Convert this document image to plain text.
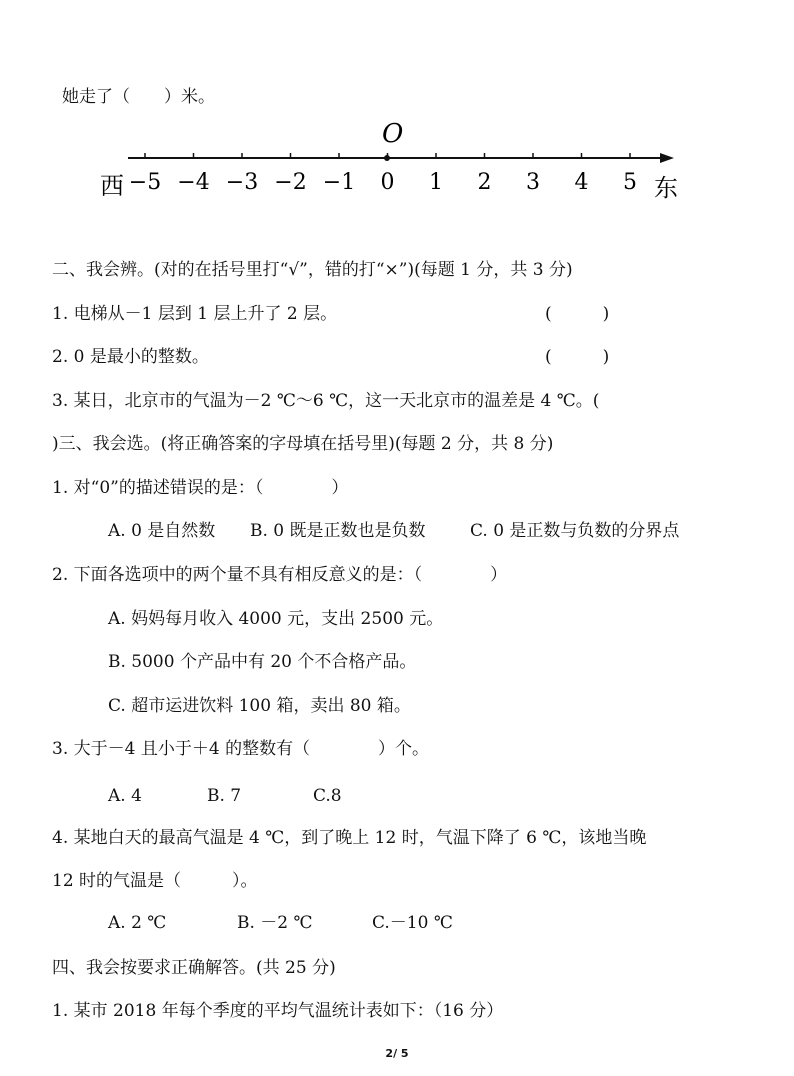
她走了（　　）米。
O
−5 −4 −3 −2 −1 0 1 2 3 4 5
西	东
二、我会辨。(对的在括号里打“√”，错的打“×”)(每题 1 分，共 3 分)
1. 电梯从－1 层到 1 层上升了 2 层。	(　　　)
2. 0 是最小的整数。	(　　　)
3. 某日，北京市的气温为－2 ℃～6 ℃，这一天北京市的温差是 4 ℃。(
)三、我会选。(将正确答案的字母填在括号里)(每题 2 分，共 8 分)
1. 对“0”的描述错误的是：（　　　　）
A. 0 是自然数 B. 0 既是正数也是负数	C. 0 是正数与负数的分界点
2. 下面各选项中的两个量不具有相反意义的是：（　　　　）
A. 妈妈每月收入 4000 元，支出 2500 元。
B. 5000 个产品中有 20 个不合格产品。
C. 超市运进饮料 100 箱，卖出 80 箱。
3. 大于－4 且小于＋4 的整数有（　　　　）个。
A. 4	B. 7	C.8
4. 某地白天的最高气温是 4 ℃，到了晚上 12 时，气温下降了 6 ℃，该地当晚
12 时的气温是（　　　）。
A. 2 ℃	B. －2 ℃	C.－10 ℃
四、我会按要求正确解答。(共 25 分)
1. 某市 2018 年每个季度的平均气温统计表如下：（16 分）
2/ 5
